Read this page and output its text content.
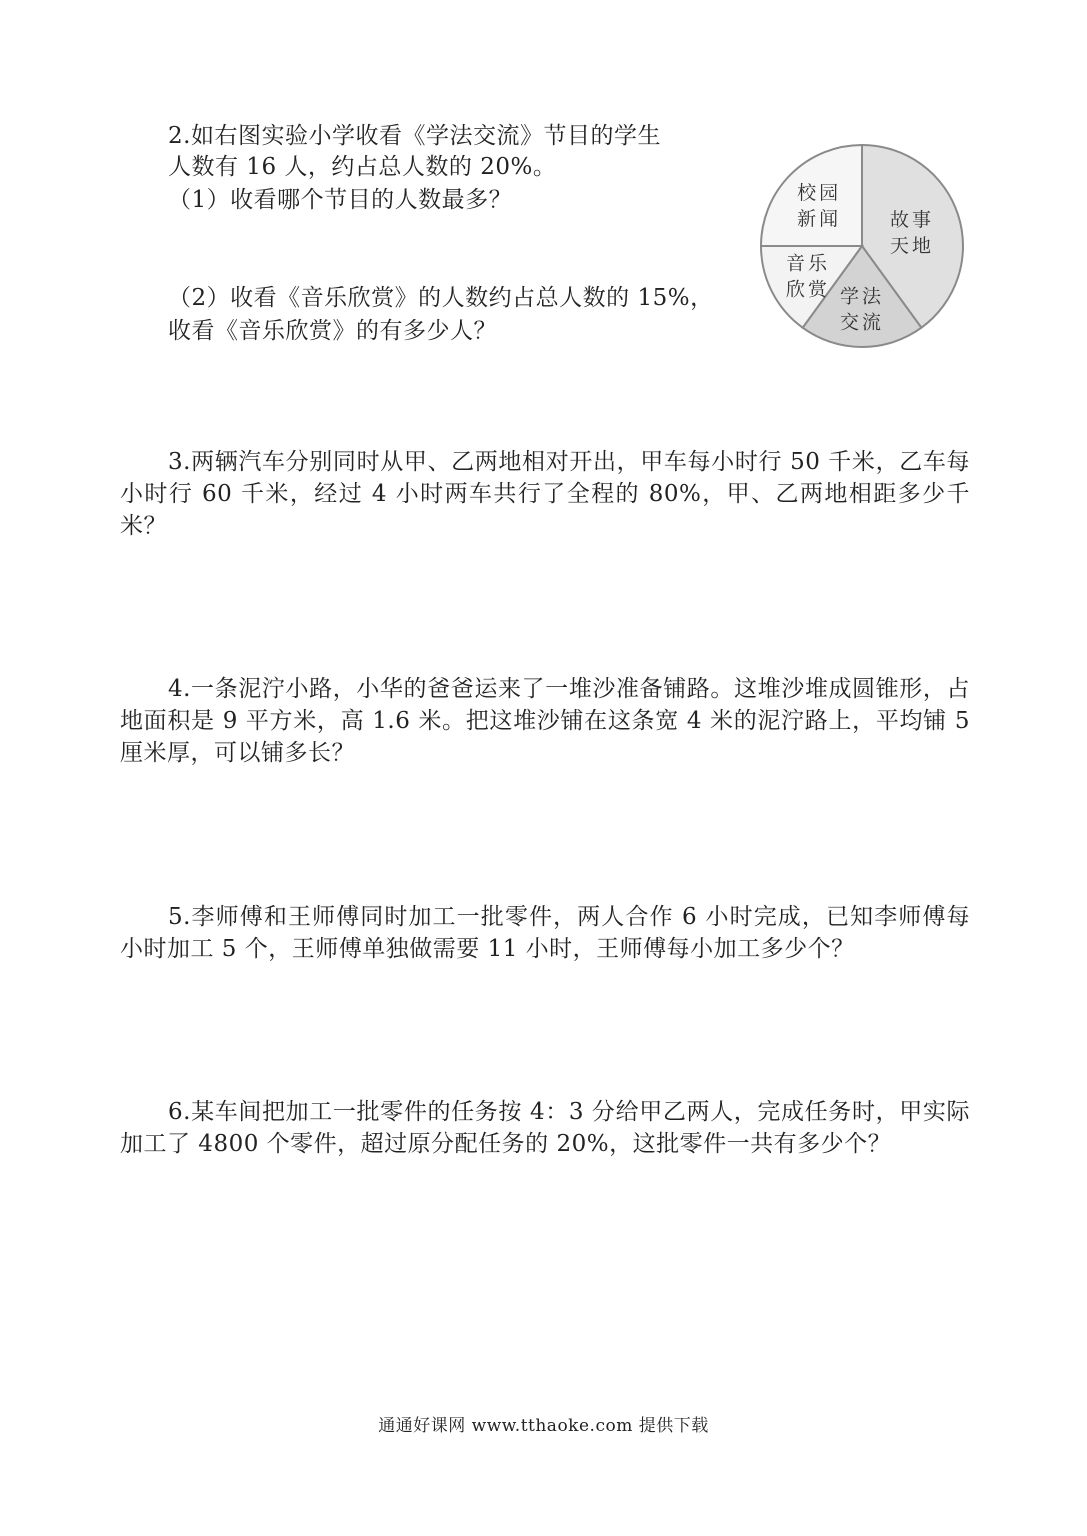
2.如右图实验小学收看《学法交流》节目的学生
人数有 16 人，约占总人数的 20%。
（1）收看哪个节目的人数最多？
（2）收看《音乐欣赏》的人数约占总人数的 15%，
收看《音乐欣赏》的有多少人？
故事
天地
学法
交流
音乐
欣赏
校园
新闻
3.两辆汽车分别同时从甲、乙两地相对开出，甲车每小时行 50 千米，乙车每小时行 60 千米，经过 4 小时两车共行了全程的 80%，甲、乙两地相距多少千米？
4.一条泥泞小路，小华的爸爸运来了一堆沙准备铺路。这堆沙堆成圆锥形，占地面积是 9 平方米，高 1.6 米。把这堆沙铺在这条宽 4 米的泥泞路上，平均铺 5 厘米厚，可以铺多长？
5.李师傅和王师傅同时加工一批零件，两人合作 6 小时完成，已知李师傅每小时加工 5 个，王师傅单独做需要 11 小时，王师傅每小加工多少个？
6.某车间把加工一批零件的任务按 4：3 分给甲乙两人，完成任务时，甲实际加工了 4800 个零件，超过原分配任务的 20%，这批零件一共有多少个？
通通好课网 www.tthaoke.com 提供下载
